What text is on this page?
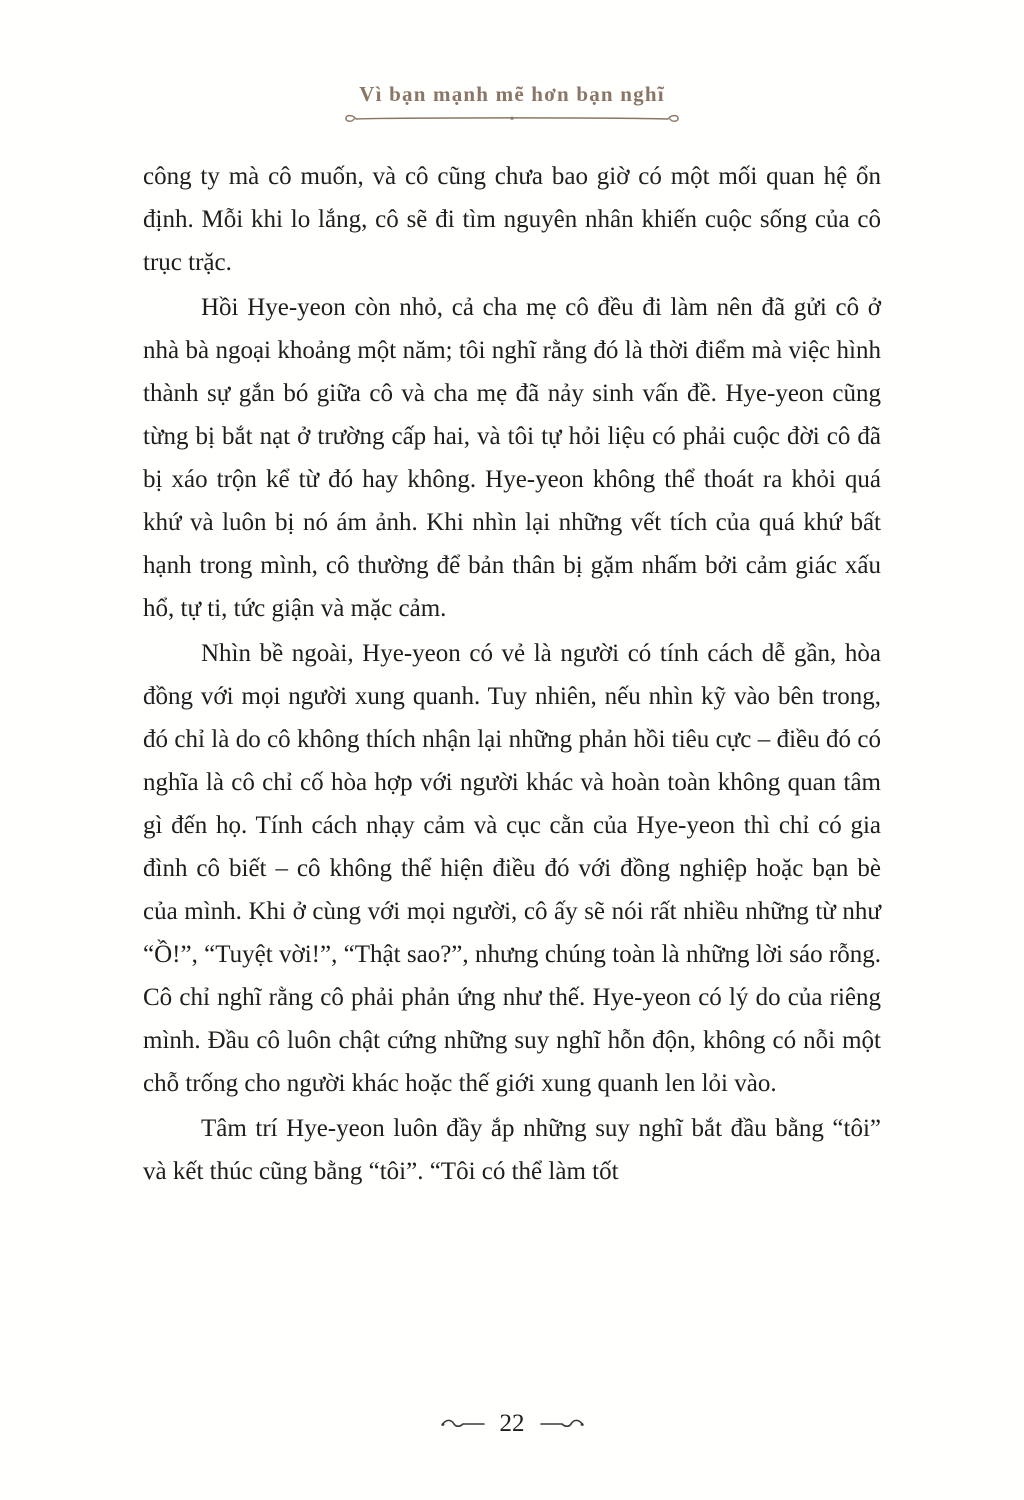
Vì bạn mạnh mẽ hơn bạn nghĩ

công ty mà cô muốn, và cô cũng chưa bao giờ có một mối quan hệ ổn định. Mỗi khi lo lắng, cô sẽ đi tìm nguyên nhân khiến cuộc sống của cô trục trặc.

Hồi Hye-yeon còn nhỏ, cả cha mẹ cô đều đi làm nên đã gửi cô ở nhà bà ngoại khoảng một năm; tôi nghĩ rằng đó là thời điểm mà việc hình thành sự gắn bó giữa cô và cha mẹ đã nảy sinh vấn đề. Hye-yeon cũng từng bị bắt nạt ở trường cấp hai, và tôi tự hỏi liệu có phải cuộc đời cô đã bị xáo trộn kể từ đó hay không. Hye-yeon không thể thoát ra khỏi quá khứ và luôn bị nó ám ảnh. Khi nhìn lại những vết tích của quá khứ bất hạnh trong mình, cô thường để bản thân bị gặm nhấm bởi cảm giác xấu hổ, tự ti, tức giận và mặc cảm.

Nhìn bề ngoài, Hye-yeon có vẻ là người có tính cách dễ gần, hòa đồng với mọi người xung quanh. Tuy nhiên, nếu nhìn kỹ vào bên trong, đó chỉ là do cô không thích nhận lại những phản hồi tiêu cực – điều đó có nghĩa là cô chỉ cố hòa hợp với người khác và hoàn toàn không quan tâm gì đến họ. Tính cách nhạy cảm và cục cằn của Hye-yeon thì chỉ có gia đình cô biết – cô không thể hiện điều đó với đồng nghiệp hoặc bạn bè của mình. Khi ở cùng với mọi người, cô ấy sẽ nói rất nhiều những từ như “Ồ!”, “Tuyệt vời!”, “Thật sao?”, nhưng chúng toàn là những lời sáo rỗng. Cô chỉ nghĩ rằng cô phải phản ứng như thế. Hye-yeon có lý do của riêng mình. Đầu cô luôn chật cứng những suy nghĩ hỗn độn, không có nỗi một chỗ trống cho người khác hoặc thế giới xung quanh len lỏi vào.

Tâm trí Hye-yeon luôn đầy ắp những suy nghĩ bắt đầu bằng “tôi” và kết thúc cũng bằng “tôi”. “Tôi có thể làm tốt

22
